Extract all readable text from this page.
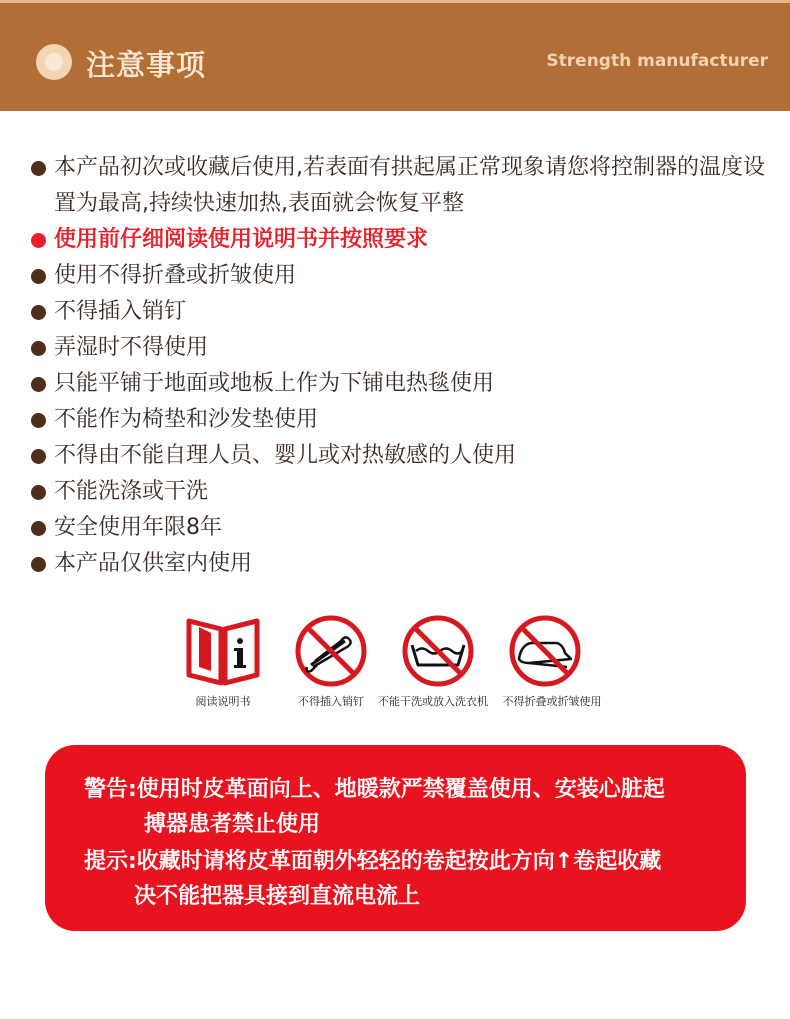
注意事项	Strength manufacturer
本产品初次或收藏后使用,若表面有拱起属正常现象请您将控制器的温度设置为最高,持续快速加热,表面就会恢复平整
使用前仔细阅读使用说明书并按照要求
使用不得折叠或折皱使用
不得插入销钉
弄湿时不得使用
只能平铺于地面或地板上作为下铺电热毯使用
不能作为椅垫和沙发垫使用
不得由不能自理人员、婴儿或对热敏感的人使用
不能洗涤或干洗
安全使用年限8年
本产品仅供室内使用
阅读说明书	不得插入销钉 不能干洗或放入洗衣机 不得折叠或折皱使用
警告:使用时皮革面向上、地暖款严禁覆盖使用、安装心脏起
搏器患者禁止使用
提示:收藏时请将皮革面朝外轻轻的卷起按此方向↑卷起收藏
决不能把器具接到直流电流上
